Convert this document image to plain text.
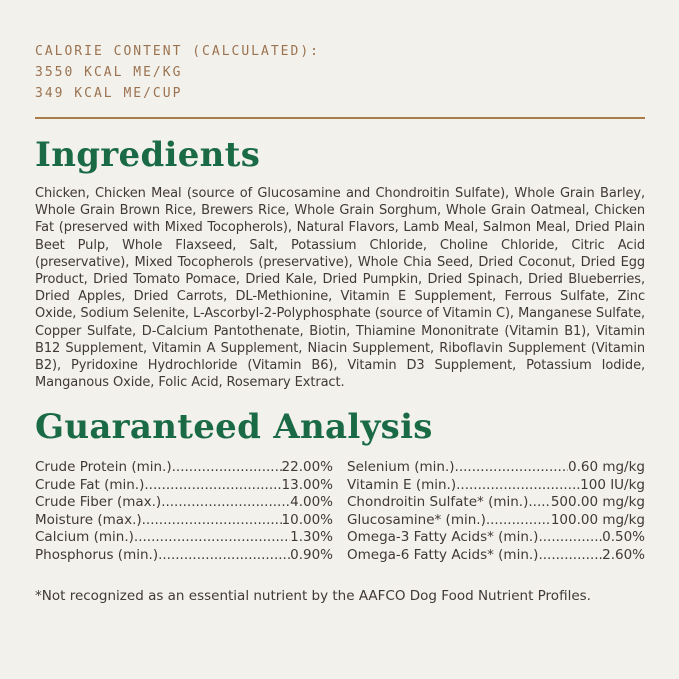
CALORIE CONTENT (CALCULATED):
3550 KCAL ME/KG
349 KCAL ME/CUP
Ingredients

Chicken, Chicken Meal (source of Glucosamine and Chondroitin Sulfate), Whole Grain Barley, Whole Grain Brown Rice, Brewers Rice, Whole Grain Sorghum, Whole Grain Oatmeal, Chicken Fat (preserved with Mixed Tocopherols), Natural Flavors, Lamb Meal, Salmon Meal, Dried Plain Beet Pulp, Whole Flaxseed, Salt, Potassium Chloride, Choline Chloride, Citric Acid (preservative), Mixed Tocopherols (preservative), Whole Chia Seed, Dried Coconut, Dried Egg Product, Dried Tomato Pomace, Dried Kale, Dried Pumpkin, Dried Spinach, Dried Blueberries, Dried Apples, Dried Carrots, DL-Methionine, Vitamin E Supplement, Ferrous Sulfate, Zinc Oxide, Sodium Selenite, L-Ascorbyl-2-Polyphosphate (source of Vitamin C), Manganese Sulfate, Copper Sulfate, D-Calcium Pantothenate, Biotin, Thiamine Mononitrate (Vitamin B1), Vitamin B12 Supplement, Vitamin A Supplement, Niacin Supplement, Riboflavin Supplement (Vitamin B2), Pyridoxine Hydrochloride (Vitamin B6), Vitamin D3 Supplement, Potassium Iodide, Manganous Oxide, Folic Acid, Rosemary Extract.

Guaranteed Analysis
Crude Protein (min.) .....	22.00%
Crude Fat (min.) .....	13.00%
Crude Fiber (max.) .....	4.00%
Moisture (max.) .....	10.00%
Calcium (min.) .....	1.30%
Phosphorus (min.) .....	0.90%
Selenium (min.) .....	0.60 mg/kg
Vitamin E (min.) .....	100 IU/kg
Chondroitin Sulfate* (min.) ..... 500.00 mg/kg
Glucosamine* (min.) .....	100.00 mg/kg
Omega-3 Fatty Acids* (min.) .....	0.50%
Omega-6 Fatty Acids* (min.) .....	2.60%

*Not recognized as an essential nutrient by the AAFCO Dog Food Nutrient Profiles.
